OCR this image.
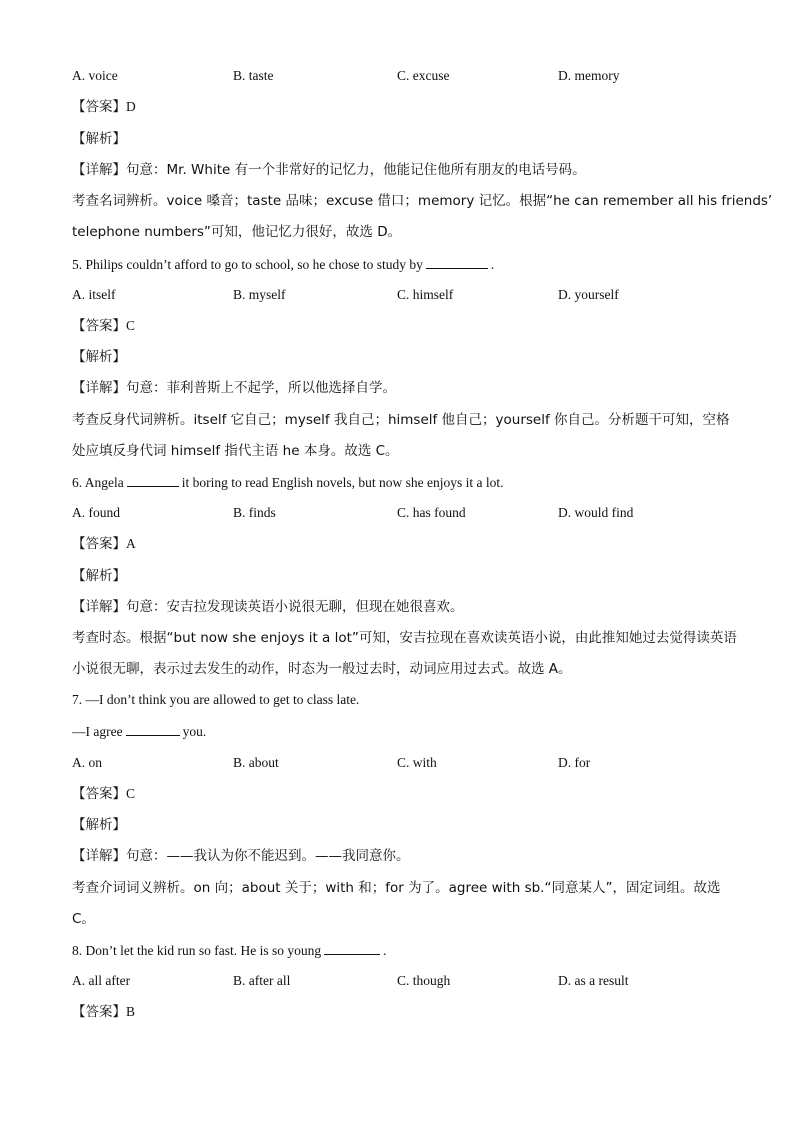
A. voice	B. taste	C. excuse	D. memory
【答案】D
【解析】
【详解】句意：Mr. White 有一个非常好的记忆力，他能记住他所有朋友的电话号码。
考查名词辨析。voice 嗓音；taste 品味；excuse 借口；memory 记忆。根据“he can remember all his friends’
telephone numbers”可知，他记忆力很好，故选 D。
5. Philips couldn’t afford to go to school, so he chose to study by	.
A. itself	B. myself	C. himself	D. yourself
【答案】C
【解析】
【详解】句意：菲利普斯上不起学，所以他选择自学。
考查反身代词辨析。itself 它自己；myself 我自己；himself 他自己；yourself 你自己。分析题干可知，空格
处应填反身代词 himself 指代主语 he 本身。故选 C。
6. Angela	it boring to read English novels, but now she enjoys it a lot.
A. found	B. finds	C. has found	D. would find
【答案】A
【解析】
【详解】句意：安吉拉发现读英语小说很无聊，但现在她很喜欢。
考查时态。根据“but now she enjoys it a lot”可知，安吉拉现在喜欢读英语小说，由此推知她过去觉得读英语
小说很无聊，表示过去发生的动作，时态为一般过去时，动词应用过去式。故选 A。
7. —I don’t think you are allowed to get to class late.
—I agree	you.
A. on	B. about	C. with	D. for
【答案】C
【解析】
【详解】句意：——我认为你不能迟到。——我同意你。
考查介词词义辨析。on 向；about 关于；with 和；for 为了。agree with sb.“同意某人”，固定词组。故选
C。
8. Don’t let the kid run so fast. He is so young	.
A. all after	B. after all	C. though	D. as a result
【答案】B
